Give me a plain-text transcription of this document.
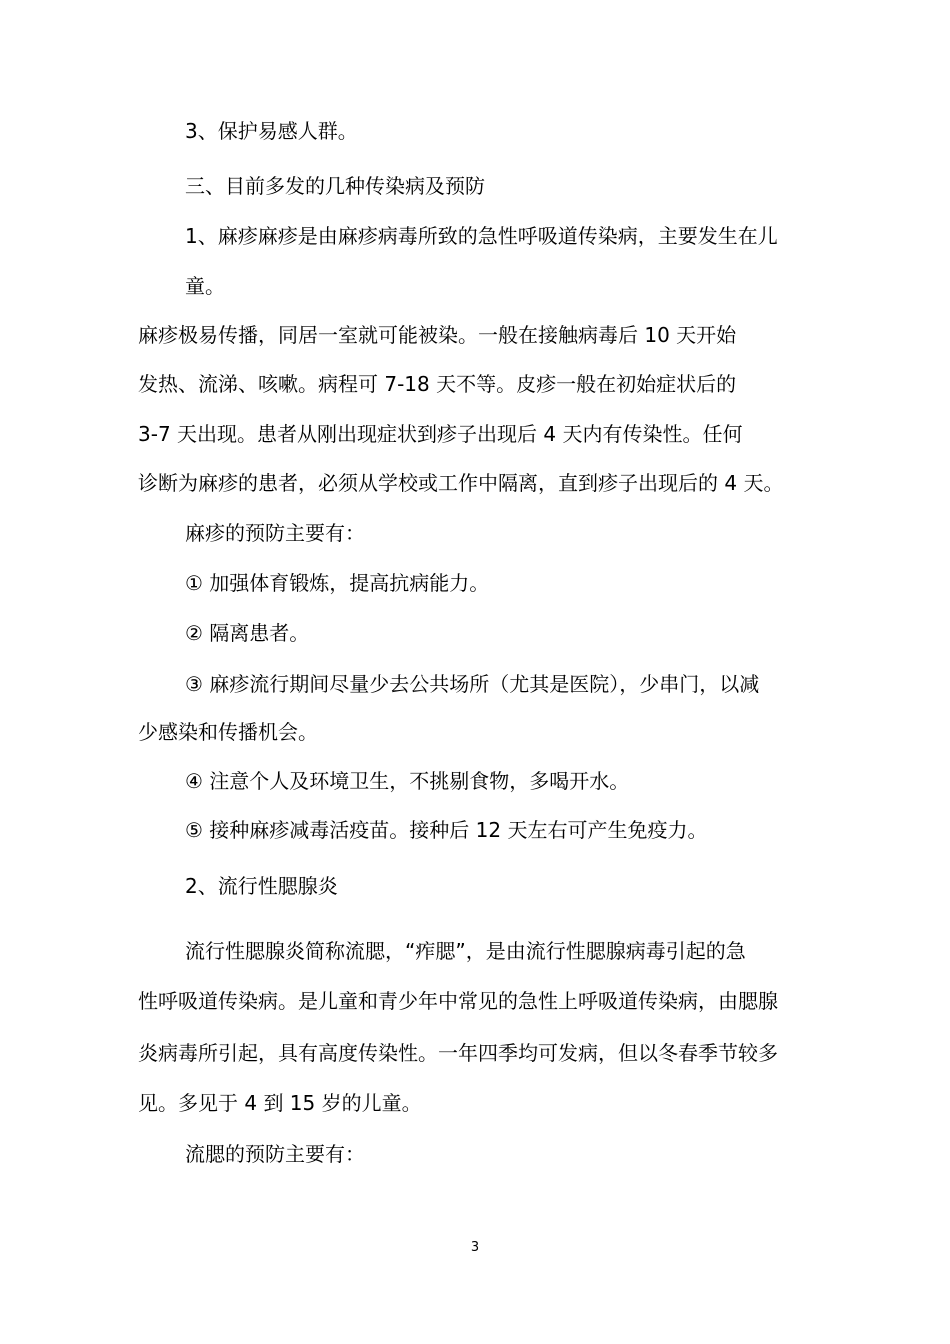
3、保护易感人群。

三、目前多发的几种传染病及预防

1、麻疹麻疹是由麻疹病毒所致的急性呼吸道传染病，主要发生在儿

童。

麻疹极易传播，同居一室就可能被染。一般在接触病毒后 10 天开始

发热、流涕、咳嗽。病程可 7-18 天不等。皮疹一般在初始症状后的

3-7 天出现。患者从刚出现症状到疹子出现后 4 天内有传染性。任何

诊断为麻疹的患者，必须从学校或工作中隔离，直到疹子出现后的 4 天。

麻疹的预防主要有：

① 加强体育锻炼，提高抗病能力。

② 隔离患者。

③ 麻疹流行期间尽量少去公共场所（尤其是医院），少串门，以减

少感染和传播机会。

④ 注意个人及环境卫生，不挑剔食物，多喝开水。

⑤ 接种麻疹减毒活疫苗。接种后 12 天左右可产生免疫力。

2、流行性腮腺炎

流行性腮腺炎简称流腮，“痄腮”，是由流行性腮腺病毒引起的急

性呼吸道传染病。是儿童和青少年中常见的急性上呼吸道传染病，由腮腺

炎病毒所引起，具有高度传染性。一年四季均可发病，但以冬春季节较多

见。多见于 4 到 15 岁的儿童。

流腮的预防主要有：

3
